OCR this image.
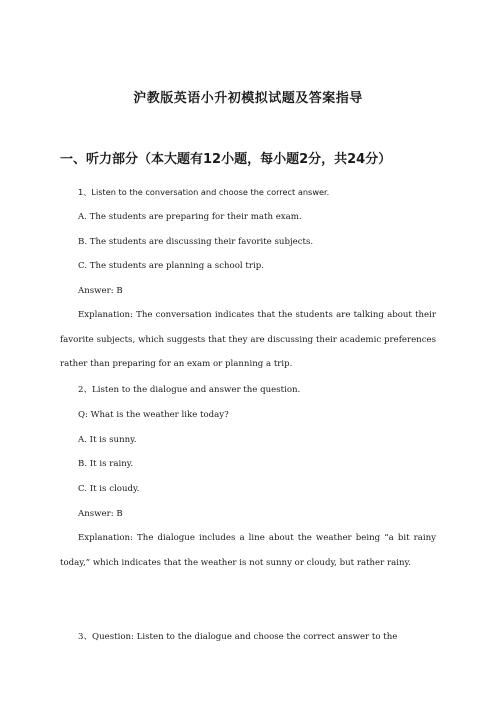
沪教版英语小升初模拟试题及答案指导
一、听力部分（本大题有12小题，每小题2分，共24分）
1、Listen to the conversation and choose the correct answer.
A. The students are preparing for their math exam.
B. The students are discussing their favorite subjects.
C. The students are planning a school trip.
Answer: B
Explanation: The conversation indicates that the students are talking about their favorite subjects, which suggests that they are discussing their academic preferences rather than preparing for an exam or planning a trip.
2、Listen to the dialogue and answer the question.
Q: What is the weather like today?
A. It is sunny.
B. It is rainy.
C. It is cloudy.
Answer: B
Explanation: The dialogue includes a line about the weather being “a bit rainy today,” which indicates that the weather is not sunny or cloudy, but rather rainy.
3、Question: Listen to the dialogue and choose the correct answer to the
